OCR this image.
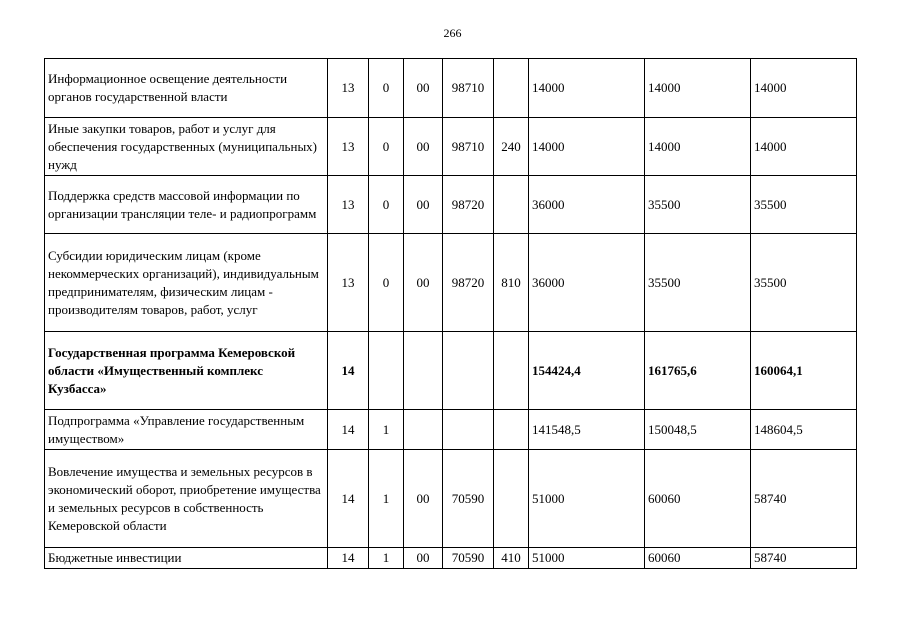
266
Информационное освещение деятельности органов государственной власти	13	0	00	98710		14000	14000	14000
Иные закупки товаров, работ и услуг для обеспечения государственных (муниципальных) нужд	13	0	00	98710	240	14000	14000	14000
Поддержка средств массовой информации по организации трансляции теле- и радиопрограмм	13	0	00	98720		36000	35500	35500
Субсидии юридическим лицам (кроме некоммерческих организаций), индивидуальным предпринимателям, физическим лицам - производителям товаров, работ, услуг	13	0	00	98720	810	36000	35500	35500
Государственная программа Кемеровской области «Имущественный комплекс Кузбасса»	14					154424,4	161765,6	160064,1
Подпрограмма «Управление государственным имуществом»	14	1				141548,5	150048,5	148604,5
Вовлечение имущества и земельных ресурсов в экономический оборот, приобретение имущества и земельных ресурсов в собственность Кемеровской области	14	1	00	70590		51000	60060	58740
Бюджетные инвестиции	14	1	00	70590	410	51000	60060	58740
